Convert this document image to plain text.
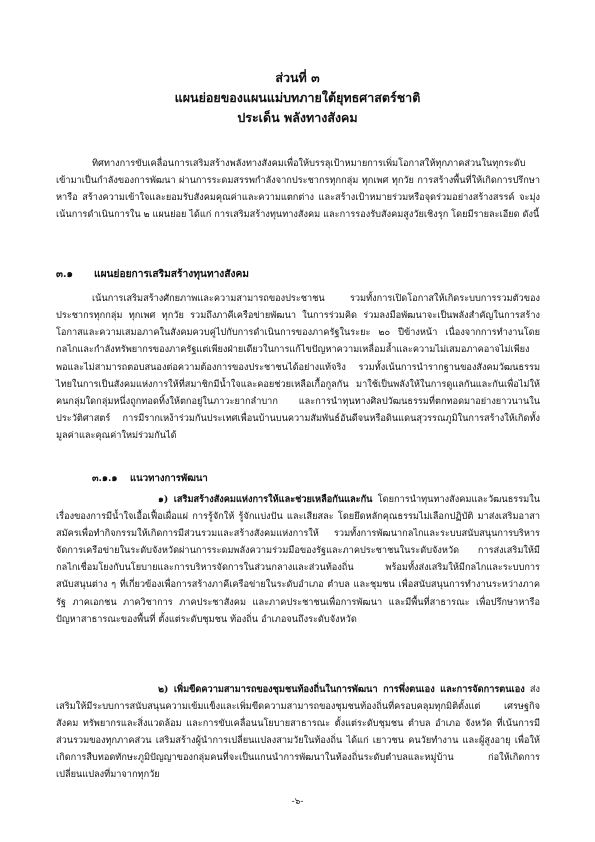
ส่วนที่ ๓
แผนย่อยของแผนแม่บทภายใต้ยุทธศาสตร์ชาติ
ประเด็น พลังทางสังคม
ทิศทางการขับเคลื่อนการเสริมสร้างพลังทางสังคมเพื่อให้บรรลุเป้าหมายการเพิ่มโอกาสให้ทุกภาคส่วนในทุกระดับเข้ามาเป็นกำลังของการพัฒนา ผ่านการระดมสรรพกำลังจากประชากรทุกกลุ่ม ทุกเพศ ทุกวัย การสร้างพื้นที่ให้เกิดการปรึกษาหารือ สร้างความเข้าใจและยอมรับสังคมคุณค่าและความแตกต่าง และสร้างเป้าหมายร่วมหรือจุดร่วมอย่างสร้างสรรค์ จะมุ่งเน้นการดำเนินการใน ๒ แผนย่อย ได้แก่ การเสริมสร้างทุนทางสังคม และการรองรับสังคมสูงวัยเชิงรุก โดยมีรายละเอียด ดังนี้
๓.๑ แผนย่อยการเสริมสร้างทุนทางสังคม
เน้นการเสริมสร้างศักยภาพและความสามารถของประชาชน รวมทั้งการเปิดโอกาสให้เกิดระบบการรวมตัวของประชากรทุกกลุ่ม ทุกเพศ ทุกวัย รวมถึงภาคีเครือข่ายพัฒนา ในการร่วมคิด ร่วมลงมือพัฒนาจะเป็นพลังสำคัญในการสร้างโอกาสและความเสมอภาคในสังคมควบคู่ไปกับการดำเนินการของภาครัฐในระยะ ๒๐ ปีข้างหน้า เนื่องจากการทำงานโดยกลไกและกำลังทรัพยากรของภาครัฐแต่เพียงฝ่ายเดียวในการแก้ไขปัญหาความเหลื่อมล้ำและความไม่เสมอภาคอาจไม่เพียงพอและไม่สามารถตอบสนองต่อความต้องการของประชาชนได้อย่างแท้จริง รวมทั้งเน้นการนำรากฐานของสังคมวัฒนธรรมไทยในการเป็นสังคมแห่งการให้ที่สมาชิกมีน้ำใจและคอยช่วยเหลือเกื้อกูลกัน มาใช้เป็นพลังให้ในการดูแลกันและกันเพื่อไม่ให้คนกลุ่มใดกลุ่มหนึ่งถูกทอดทิ้งให้ตกอยู่ในภาวะยากลำบาก และการนำทุนทางศิลปวัฒนธรรมที่ตกทอดมาอย่างยาวนานในประวัติศาสตร์ การมีรากเหง้าร่วมกันประเทศเพื่อนบ้านบนความสัมพันธ์อันดีจนหรือดินแดนสุวรรณภูมิในการสร้างให้เกิดทั้งมูลค่าและคุณค่าใหม่ร่วมกันได้
๓.๑.๑ แนวทางการพัฒนา
๑) เสริมสร้างสังคมแห่งการให้และช่วยเหลือกันและกัน โดยการนำทุนทางสังคมและวัฒนธรรมในเรื่องของการมีน้ำใจเอื้อเฟื้อเผื่อแผ่ การรู้จักให้ รู้จักแบ่งปัน และเสียสละ โดยยึดหลักคุณธรรมไม่เลือกปฏิบัติ มาส่งเสริมอาสาสมัครเพื่อทำกิจกรรมให้เกิดการมีส่วนรวมและสร้างสังคมแห่งการให้ รวมทั้งการพัฒนากลไกและระบบสนับสนุนการบริหารจัดการเครือข่ายในระดับจังหวัดผ่านการระดมพลังความร่วมมือของรัฐและภาคประชาชนในระดับจังหวัด การส่งเสริมให้มีกลไกเชื่อมโยงกับนโยบายและการบริหารจัดการในส่วนกลางและส่วนท้องถิ่น พร้อมทั้งส่งเสริมให้มีกลไกและระบบการสนับสนุนต่าง ๆ ที่เกี่ยวข้องเพื่อการสร้างภาคีเครือข่ายในระดับอำเภอ ตำบล และชุมชน เพื่อสนับสนุนการทำงานระหว่างภาครัฐ ภาคเอกชน ภาควิชาการ ภาคประชาสังคม และภาคประชาชนเพื่อการพัฒนา และมีพื้นที่สาธารณะ เพื่อปรึกษาหารือปัญหาสาธารณะของพื้นที่ ตั้งแต่ระดับชุมชน ท้องถิ่น อำเภอจนถึงระดับจังหวัด
๒) เพิ่มขีดความสามารถของชุมชนท้องถิ่นในการพัฒนา การพึ่งตนเอง และการจัดการตนเอง ส่งเสริมให้มีระบบการสนับสนุนความเข้มแข็งและเพิ่มขีดความสามารถของชุมชนท้องถิ่นที่ครอบคลุมทุกมิติตั้งแต่ เศรษฐกิจ สังคม ทรัพยากรและสิ่งแวดล้อม และการขับเคลื่อนนโยบายสาธารณะ ตั้งแต่ระดับชุมชน ตำบล อำเภอ จังหวัด ที่เน้นการมีส่วนรวมของทุกภาคส่วน เสริมสร้างผู้นำการเปลี่ยนแปลงสามวัยในท้องถิ่น ได้แก่ เยาวชน คนวัยทำงาน และผู้สูงอายุ เพื่อให้เกิดการสืบทอดทักษะภูมิปัญญาของกลุ่มคนที่จะเป็นแกนนำการพัฒนาในท้องถิ่นระดับตำบลและหมู่บ้าน ก่อให้เกิดการเปลี่ยนแปลงที่มาจากทุกวัย
-๖-
